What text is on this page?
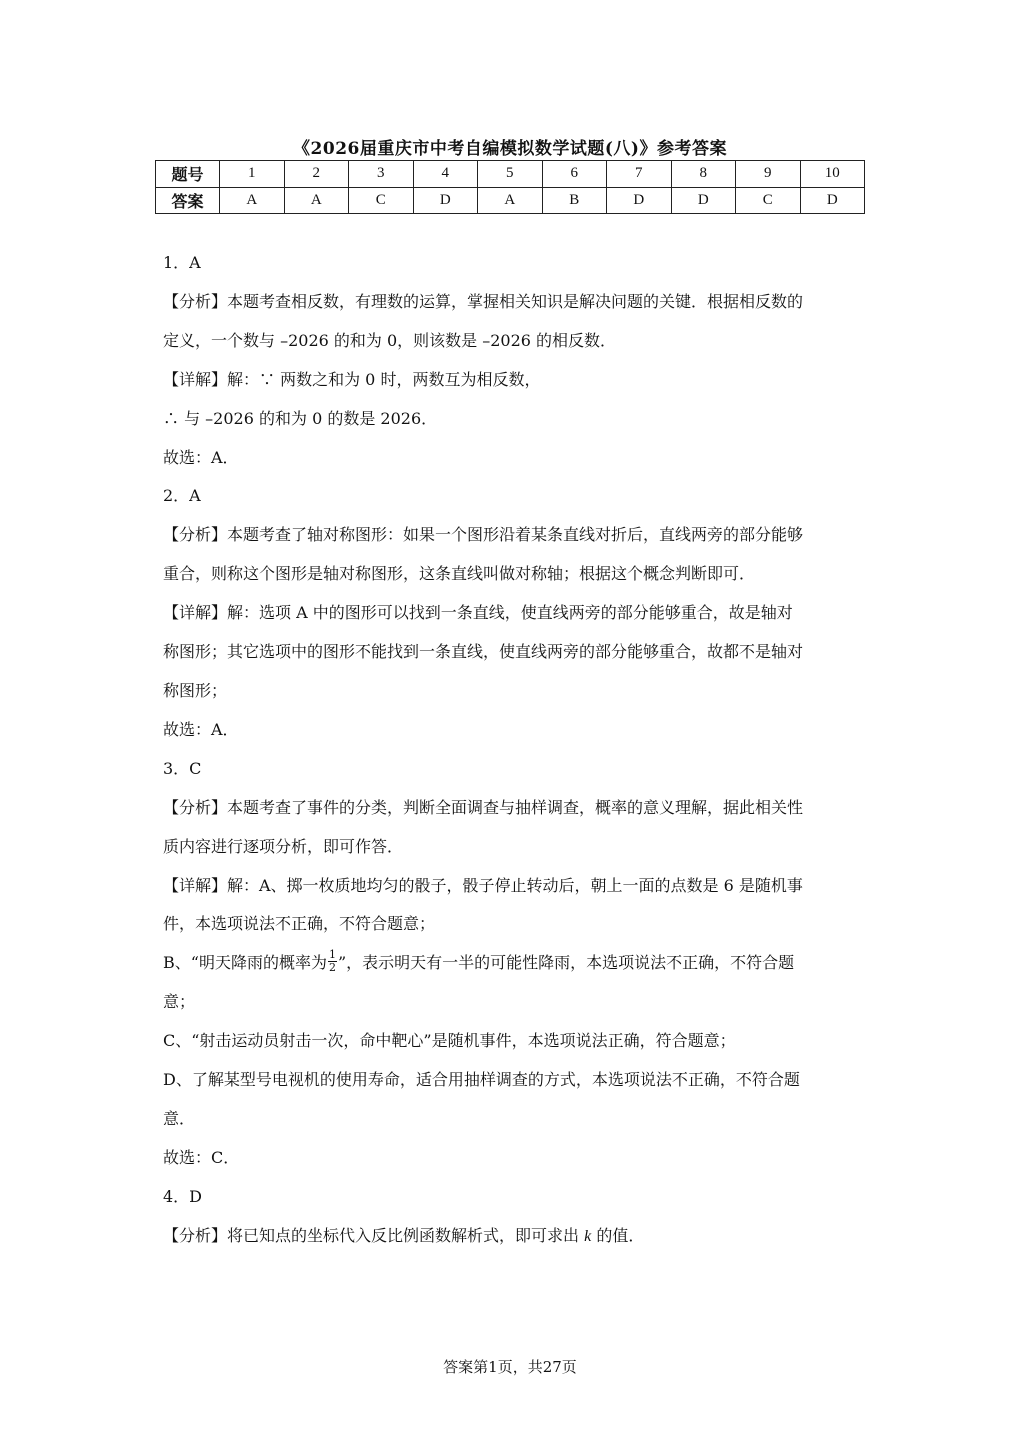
《2026届重庆市中考自编模拟数学试题(八)》参考答案
题号	1	2	3	4	5	6	7	8	9	10
答案	A	A	C	D	A	B	D	D	C	D

1．A

【分析】本题考查相反数，有理数的运算，掌握相关知识是解决问题的关键．根据相反数的

定义，一个数与 –2026 的和为 0，则该数是 –2026 的相反数．

【详解】解：∵ 两数之和为 0 时，两数互为相反数，

∴ 与 –2026 的和为 0 的数是 2026．

故选：A．

2．A

【分析】本题考查了轴对称图形：如果一个图形沿着某条直线对折后，直线两旁的部分能够

重合，则称这个图形是轴对称图形，这条直线叫做对称轴；根据这个概念判断即可．

【详解】解：选项 A 中的图形可以找到一条直线，使直线两旁的部分能够重合，故是轴对

称图形；其它选项中的图形不能找到一条直线，使直线两旁的部分能够重合，故都不是轴对

称图形；

故选：A．

3．C

【分析】本题考查了事件的分类，判断全面调查与抽样调查，概率的意义理解，据此相关性

质内容进行逐项分析，即可作答．

【详解】解：A、掷一枚质地均匀的骰子，骰子停止转动后，朝上一面的点数是 6 是随机事

件，本选项说法不正确，不符合题意；

B、“明天降雨的概率为 $\frac{1}{2}$ ”，表示明天有一半的可能性降雨，本选项说法不正确，不符合题

意；

C、“射击运动员射击一次，命中靶心”是随机事件，本选项说法正确，符合题意；

D、了解某型号电视机的使用寿命，适合用抽样调查的方式，本选项说法不正确，不符合题

意．

故选：C．

4．D

【分析】将已知点的坐标代入反比例函数解析式，即可求出 k 的值．

答案第1页，共27页
